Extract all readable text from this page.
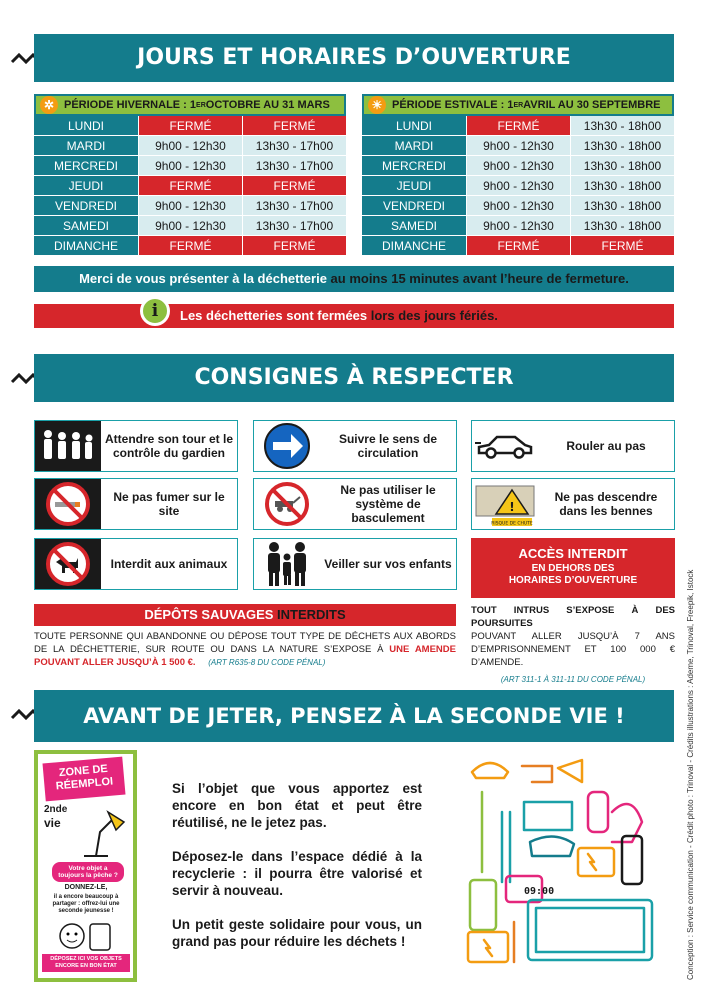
JOURS ET HORAIRES D’OUVERTURE
✲ PÉRIODE HIVERNALE : 1 ER OCTOBRE AU 31 MARS
LUNDI	FERMÉ	FERMÉ
MARDI	9h00 - 12h30	13h30 - 17h00
MERCREDI	9h00 - 12h30	13h30 - 17h00
JEUDI	FERMÉ	FERMÉ
VENDREDI	9h00 - 12h30	13h30 - 17h00
SAMEDI	9h00 - 12h30	13h30 - 17h00
DIMANCHE	FERMÉ	FERMÉ
☀ PÉRIODE ESTIVALE : 1 ER AVRIL AU 30 SEPTEMBRE
LUNDI	FERMÉ	13h30 - 18h00
MARDI	9h00 - 12h30	13h30 - 18h00
MERCREDI	9h00 - 12h30	13h30 - 18h00
JEUDI	9h00 - 12h30	13h30 - 18h00
VENDREDI	9h00 - 12h30	13h30 - 18h00
SAMEDI	9h00 - 12h30	13h30 - 18h00
DIMANCHE	FERMÉ	FERMÉ
Merci de vous présenter à la déchetterie au moins 15 minutes avant l’heure de fermeture.
Les déchetteries sont fermées lors des jours fériés.
i
CONSIGNES À RESPECTER
Attendre son tour et le contrôle du gardien
Suivre le sens de circulation	Rouler au pas
Ne pas fumer sur le site
Ne pas utiliser le système de basculement
!
RISQUE DE CHUTE
Ne pas descendre dans les bennes
Interdit aux animaux	Veiller sur vos enfants
ACCÈS INTERDIT
EN DEHORS DES HORAIRES D’OUVERTURE
DÉPÔTS SAUVAGES INTERDITS
TOUTE PERSONNE QUI ABANDONNE OU DÉPOSE TOUT TYPE DE DÉCHETS AUX ABORDS DE LA DÉCHETTERIE, SUR ROUTE OU DANS LA NATURE S’EXPOSE À UNE AMENDE POUVANT ALLER JUSQU’À 1 500 €. (ART R635-8 DU CODE PÉNAL)
TOUT INTRUS S’EXPOSE À DES POURSUITES
POUVANT ALLER JUSQU’À 7 ANS D’EMPRISONNEMENT ET 100 000 € D’AMENDE.
(ART 311-1 À 311-11 DU CODE PÉNAL)
AVANT DE JETER, PENSEZ À LA SECONDE VIE !
ZONE DE RÉEMPLOI
2nde
vie
Votre objet a toujours la pêche ?
DONNEZ-LE,
il a encore beaucoup à partager : offrez-lui une seconde jeunesse !
DÉPOSEZ ICI VOS OBJETS ENCORE EN BON ÉTAT

Si l’objet que vous apportez est encore en bon état et peut être réutilisé, ne le jetez pas.

Déposez-le dans l’espace dédié à la recyclerie : il pourra être valorisé et servir à nouveau.

Un petit geste solidaire pour vous, un grand pas pour réduire les déchets !

09:00	Conception : Service communication - Crédit photo : Trinoval - Crédits illustrations : Ademe, Trinoval, Freepik, Istock
